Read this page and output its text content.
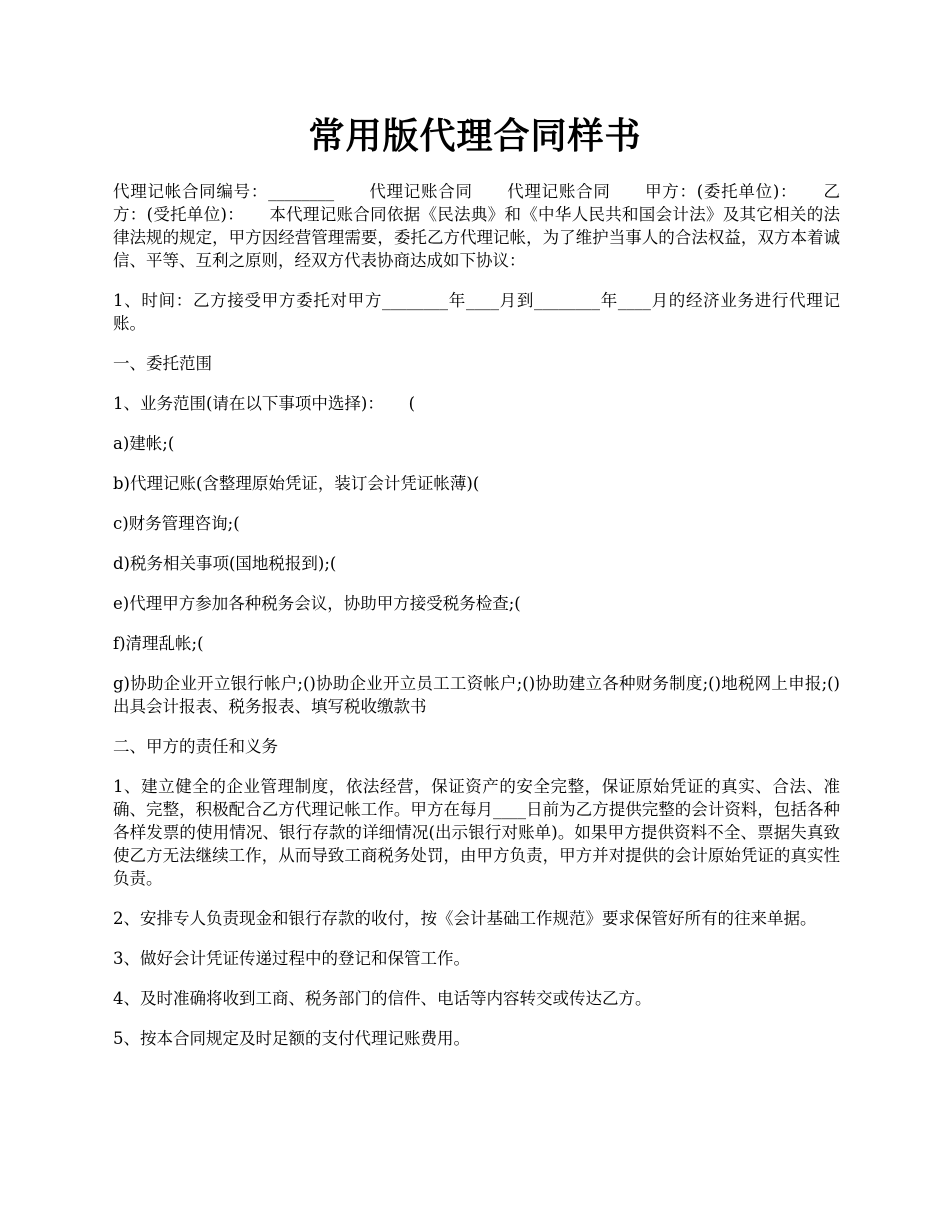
常用版代理合同样书

代理记帐合同编号：________　　代理记账合同　　代理记账合同　　甲方：(委托单位)：　　乙方：(受托单位)：　　本代理记账合同依据《民法典》和《中华人民共和国会计法》及其它相关的法律法规的规定，甲方因经营管理需要，委托乙方代理记帐，为了维护当事人的合法权益，双方本着诚信、平等、互利之原则，经双方代表协商达成如下协议：

1、时间：乙方接受甲方委托对甲方________年____月到________年____月的经济业务进行代理记账。

一、委托范围

1、业务范围(请在以下事项中选择)：　　(

a)建帐;(

b)代理记账(含整理原始凭证，装订会计凭证帐薄)(

c)财务管理咨询;(

d)税务相关事项(国地税报到);(

e)代理甲方参加各种税务会议，协助甲方接受税务检查;(

f)清理乱帐;(

g)协助企业开立银行帐户;()协助企业开立员工工资帐户;()协助建立各种财务制度;()地税网上申报;()出具会计报表、税务报表、填写税收缴款书

二、甲方的责任和义务

1、建立健全的企业管理制度，依法经营，保证资产的安全完整，保证原始凭证的真实、合法、准确、完整，积极配合乙方代理记帐工作。甲方在每月____日前为乙方提供完整的会计资料，包括各种各样发票的使用情况、银行存款的详细情况(出示银行对账单)。如果甲方提供资料不全、票据失真致使乙方无法继续工作，从而导致工商税务处罚，由甲方负责，甲方并对提供的会计原始凭证的真实性负责。

2、安排专人负责现金和银行存款的收付，按《会计基础工作规范》要求保管好所有的往来单据。

3、做好会计凭证传递过程中的登记和保管工作。

4、及时准确将收到工商、税务部门的信件、电话等内容转交或传达乙方。

5、按本合同规定及时足额的支付代理记账费用。
